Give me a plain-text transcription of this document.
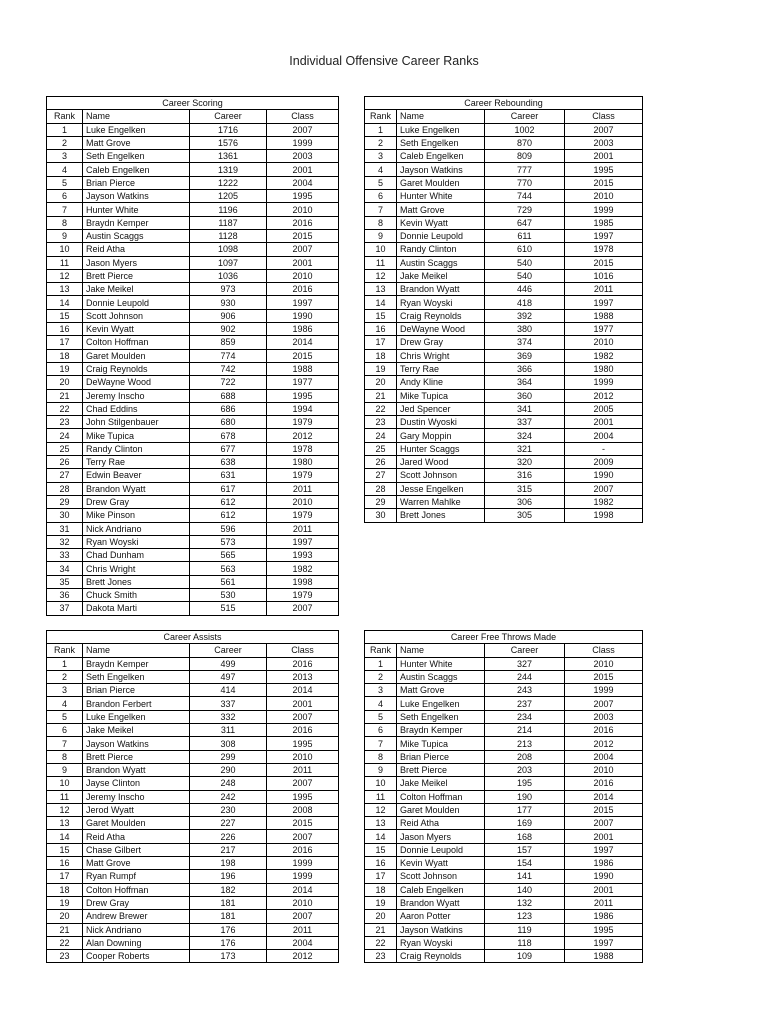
Individual Offensive Career Ranks
Career Scoring			
Rank	Name	Career	Class
1	Luke Engelken	1716	2007
2	Matt Grove	1576	1999
3	Seth Engelken	1361	2003
4	Caleb Engelken	1319	2001
5	Brian Pierce	1222	2004
6	Jayson Watkins	1205	1995
7	Hunter White	1196	2010
8	Braydn Kemper	1187	2016
9	Austin Scaggs	1128	2015
10	Reid Atha	1098	2007
11	Jason Myers	1097	2001
12	Brett Pierce	1036	2010
13	Jake Meikel	973	2016
14	Donnie Leupold	930	1997
15	Scott Johnson	906	1990
16	Kevin Wyatt	902	1986
17	Colton Hoffman	859	2014
18	Garet Moulden	774	2015
19	Craig Reynolds	742	1988
20	DeWayne Wood	722	1977
21	Jeremy Inscho	688	1995
22	Chad Eddins	686	1994
23	John Stilgenbauer	680	1979
24	Mike Tupica	678	2012
25	Randy Clinton	677	1978
26	Terry Rae	638	1980
27	Edwin Beaver	631	1979
28	Brandon Wyatt	617	2011
29	Drew Gray	612	2010
30	Mike Pinson	612	1979
31	Nick Andriano	596	2011
32	Ryan Woyski	573	1997
33	Chad Dunham	565	1993
34	Chris Wright	563	1982
35	Brett Jones	561	1998
36	Chuck Smith	530	1979
37	Dakota Marti	515	2007
Career Rebounding			
Rank	Name	Career	Class
1	Luke Engelken	1002	2007
2	Seth Engelken	870	2003
3	Caleb Engelken	809	2001
4	Jayson Watkins	777	1995
5	Garet Moulden	770	2015
6	Hunter White	744	2010
7	Matt Grove	729	1999
8	Kevin Wyatt	647	1985
9	Donnie Leupold	611	1997
10	Randy Clinton	610	1978
11	Austin Scaggs	540	2015
12	Jake Meikel	540	1016
13	Brandon Wyatt	446	2011
14	Ryan Woyski	418	1997
15	Craig Reynolds	392	1988
16	DeWayne Wood	380	1977
17	Drew Gray	374	2010
18	Chris Wright	369	1982
19	Terry Rae	366	1980
20	Andy Kline	364	1999
21	Mike Tupica	360	2012
22	Jed Spencer	341	2005
23	Dustin Wyoski	337	2001
24	Gary Moppin	324	2004
25	Hunter Scaggs	321	-
26	Jared Wood	320	2009
27	Scott Johnson	316	1990
28	Jesse Engelken	315	2007
29	Warren Mahlke	306	1982
30	Brett Jones	305	1998
Career Assists			
Rank	Name	Career	Class
1	Braydn Kemper	499	2016
2	Seth Engelken	497	2013
3	Brian Pierce	414	2014
4	Brandon Ferbert	337	2001
5	Luke Engelken	332	2007
6	Jake Meikel	311	2016
7	Jayson Watkins	308	1995
8	Brett Pierce	299	2010
9	Brandon Wyatt	290	2011
10	Jayse Clinton	248	2007
11	Jeremy Inscho	242	1995
12	Jerod Wyatt	230	2008
13	Garet Moulden	227	2015
14	Reid Atha	226	2007
15	Chase Gilbert	217	2016
16	Matt Grove	198	1999
17	Ryan Rumpf	196	1999
18	Colton Hoffman	182	2014
19	Drew Gray	181	2010
20	Andrew Brewer	181	2007
21	Nick Andriano	176	2011
22	Alan Downing	176	2004
23	Cooper Roberts	173	2012
Career Free Throws Made			
Rank	Name	Career	Class
1	Hunter White	327	2010
2	Austin Scaggs	244	2015
3	Matt Grove	243	1999
4	Luke Engelken	237	2007
5	Seth Engelken	234	2003
6	Braydn Kemper	214	2016
7	Mike Tupica	213	2012
8	Brian Pierce	208	2004
9	Brett Pierce	203	2010
10	Jake Meikel	195	2016
11	Colton Hoffman	190	2014
12	Garet Moulden	177	2015
13	Reid Atha	169	2007
14	Jason Myers	168	2001
15	Donnie Leupold	157	1997
16	Kevin Wyatt	154	1986
17	Scott Johnson	141	1990
18	Caleb Engelken	140	2001
19	Brandon Wyatt	132	2011
20	Aaron Potter	123	1986
21	Jayson Watkins	119	1995
22	Ryan Woyski	118	1997
23	Craig Reynolds	109	1988
